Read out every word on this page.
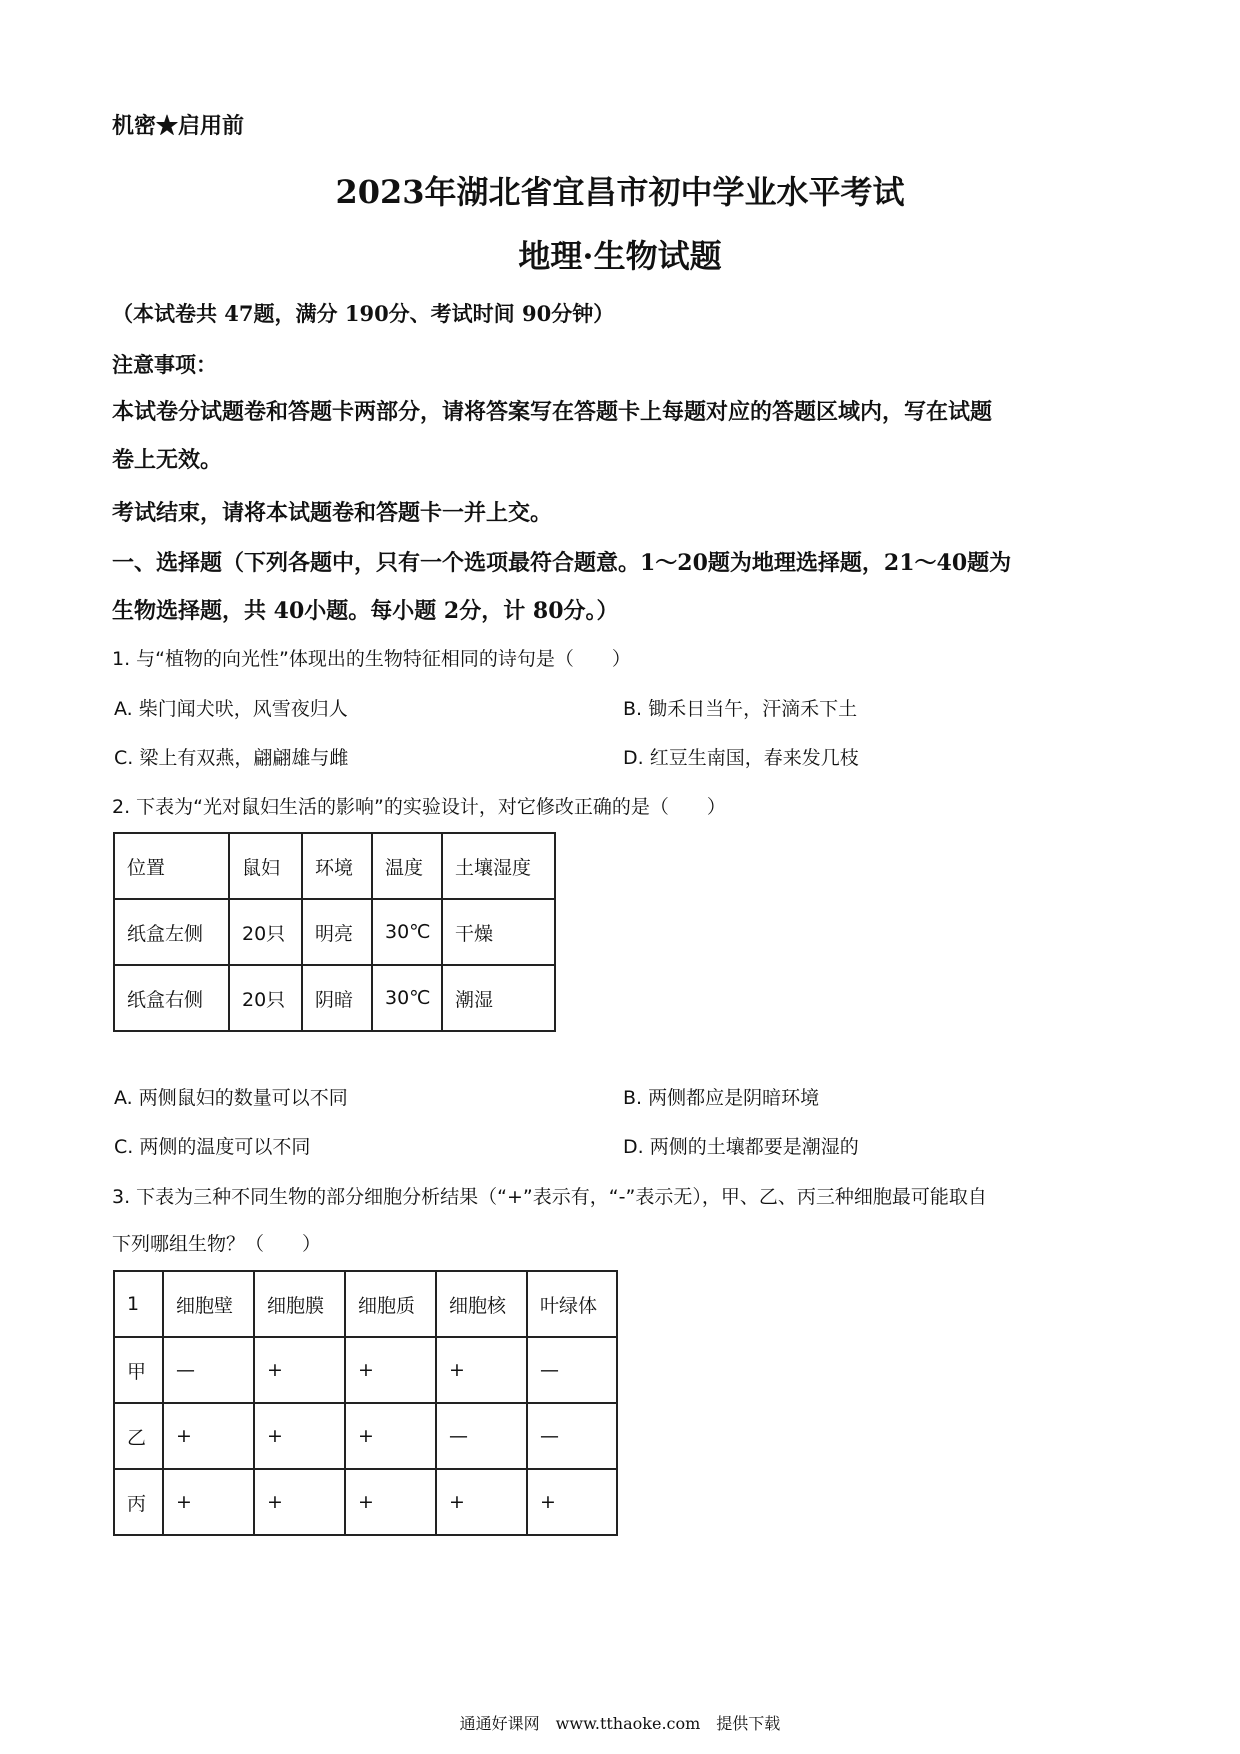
机密★启用前
2023年湖北省宜昌市初中学业水平考试
地理·生物试题
（本试卷共 47题，满分 190分、考试时间 90分钟）
注意事项：
本试卷分试题卷和答题卡两部分，请将答案写在答题卡上每题对应的答题区域内，写在试题
卷上无效。
考试结束，请将本试题卷和答题卡一并上交。
一、选择题（下列各题中，只有一个选项最符合题意。1～20题为地理选择题，21～40题为
生物选择题，共 40小题。每小题 2分，计 80分。）
1. 与“植物的向光性”体现出的生物特征相同的诗句是（　　）
A. 柴门闻犬吠，风雪夜归人	B. 锄禾日当午，汗滴禾下土
C. 梁上有双燕，翩翩雄与雌	D. 红豆生南国，春来发几枝
2. 下表为“光对鼠妇生活的影响”的实验设计，对它修改正确的是（　　）
位置	鼠妇	环境	温度	土壤湿度
纸盒左侧	20只	明亮	30℃	干燥
纸盒右侧	20只	阴暗	30℃	潮湿
A. 两侧鼠妇的数量可以不同	B. 两侧都应是阴暗环境
C. 两侧的温度可以不同	D. 两侧的土壤都要是潮湿的
3. 下表为三种不同生物的部分细胞分析结果（“+”表示有，“-”表示无），甲、乙、丙三种细胞最可能取自
下列哪组生物？（　　）
1	细胞壁	细胞膜	细胞质	细胞核	叶绿体
甲	—	+	+	+	—
乙	+	+	+	—	—
丙	+	+	+	+	+
通通好课网　www.tthaoke.com　提供下载
